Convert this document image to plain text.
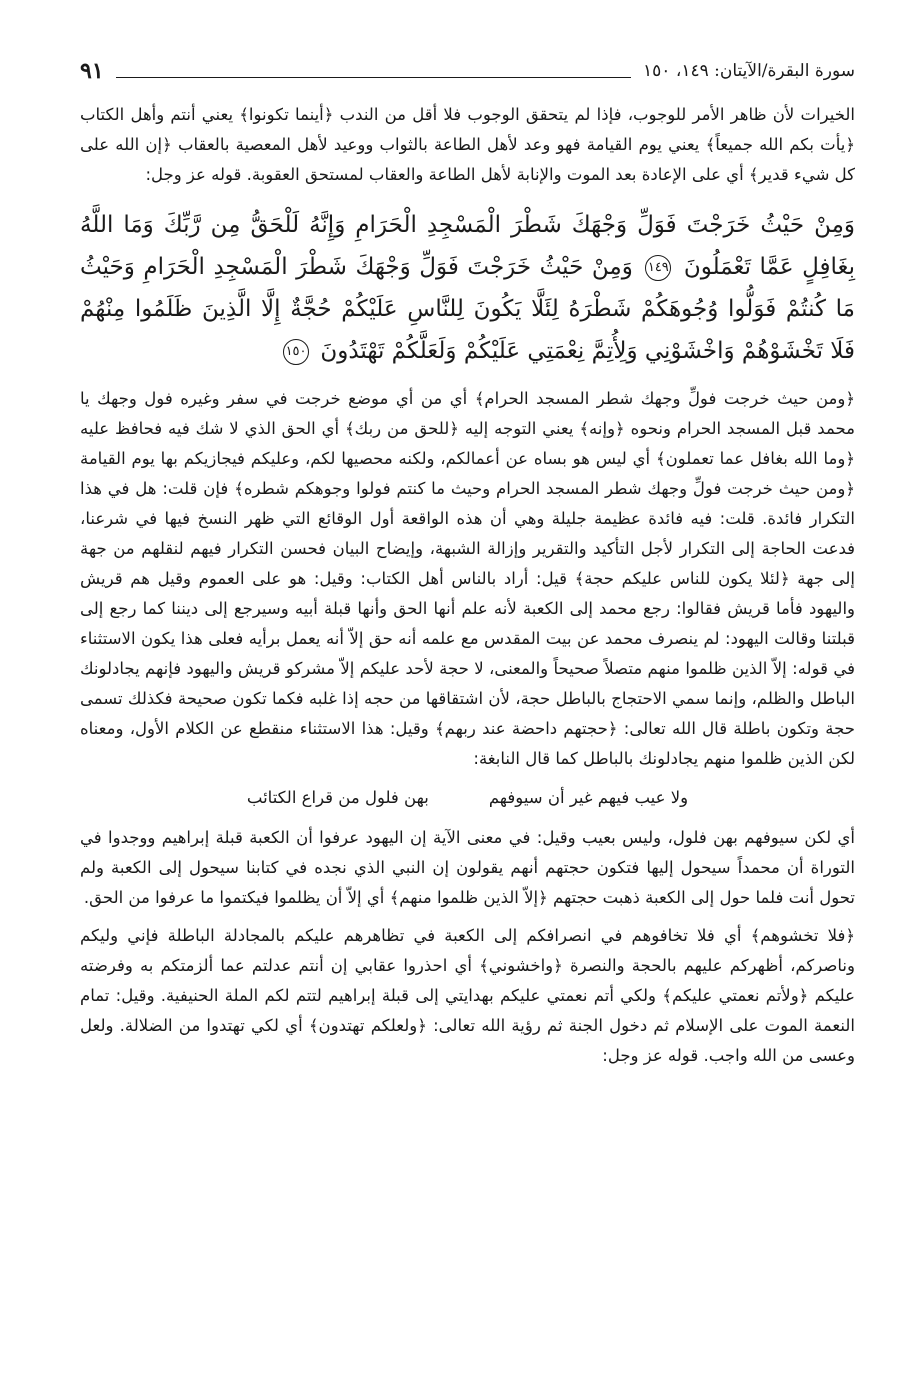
سورة البقرة/الآيتان: ١٤٩، ١٥٠
٩١

الخيرات لأن ظاهر الأمر للوجوب، فإذا لم يتحقق الوجوب فلا أقل من الندب ﴿أينما تكونوا﴾ يعني أنتم وأهل الكتاب ﴿يأت بكم الله جميعاً﴾ يعني يوم القيامة فهو وعد لأهل الطاعة بالثواب ووعيد لأهل المعصية بالعقاب ﴿إن الله على كل شيء قدير﴾ أي على الإعادة بعد الموت والإنابة لأهل الطاعة والعقاب لمستحق العقوبة. قوله عز وجل:

وَمِنْ حَيْثُ خَرَجْتَ فَوَلِّ وَجْهَكَ شَطْرَ الْمَسْجِدِ الْحَرَامِ وَإِنَّهُ لَلْحَقُّ مِن رَّبِّكَ وَمَا اللَّهُ بِغَافِلٍ عَمَّا تَعْمَلُونَ ١٤٩ وَمِنْ حَيْثُ خَرَجْتَ فَوَلِّ وَجْهَكَ شَطْرَ الْمَسْجِدِ الْحَرَامِ وَحَيْثُ مَا كُنتُمْ فَوَلُّوا وُجُوهَكُمْ شَطْرَهُ لِئَلَّا يَكُونَ لِلنَّاسِ عَلَيْكُمْ حُجَّةٌ إِلَّا الَّذِينَ ظَلَمُوا مِنْهُمْ فَلَا تَخْشَوْهُمْ وَاخْشَوْنِي وَلِأُتِمَّ نِعْمَتِي عَلَيْكُمْ وَلَعَلَّكُمْ تَهْتَدُونَ ١٥٠

﴿ومن حيث خرجت فولِّ وجهك شطر المسجد الحرام﴾ أي من أي موضع خرجت في سفر وغيره فول وجهك يا محمد قبل المسجد الحرام ونحوه ﴿وإنه﴾ يعني التوجه إليه ﴿للحق من ربك﴾ أي الحق الذي لا شك فيه فحافظ عليه ﴿وما الله بغافل عما تعملون﴾ أي ليس هو بساه عن أعمالكم، ولكنه محصيها لكم، وعليكم فيجازيكم بها يوم القيامة ﴿ومن حيث خرجت فولِّ وجهك شطر المسجد الحرام وحيث ما كنتم فولوا وجوهكم شطره﴾ فإن قلت: هل في هذا التكرار فائدة. قلت: فيه فائدة عظيمة جليلة وهي أن هذه الواقعة أول الوقائع التي ظهر النسخ فيها في شرعنا، فدعت الحاجة إلى التكرار لأجل التأكيد والتقرير وإزالة الشبهة، وإيضاح البيان فحسن التكرار فيهم لنقلهم من جهة إلى جهة ﴿لئلا يكون للناس عليكم حجة﴾ قيل: أراد بالناس أهل الكتاب: وقيل: هو على العموم وقيل هم قريش واليهود فأما قريش فقالوا: رجع محمد إلى الكعبة لأنه علم أنها الحق وأنها قبلة أبيه وسيرجع إلى ديننا كما رجع إلى قبلتنا وقالت اليهود: لم ينصرف محمد عن بيت المقدس مع علمه أنه حق إلاّ أنه يعمل برأيه فعلى هذا يكون الاستثناء في قوله: إلاّ الذين ظلموا منهم متصلاً صحيحاً والمعنى، لا حجة لأحد عليكم إلاّ مشركو قريش واليهود فإنهم يجادلونك الباطل والظلم، وإنما سمي الاحتجاج بالباطل حجة، لأن اشتقاقها من حجه إذا غلبه فكما تكون صحيحة فكذلك تسمى حجة وتكون باطلة قال الله تعالى: ﴿حجتهم داحضة عند ربهم﴾ وقيل: هذا الاستثناء منقطع عن الكلام الأول، ومعناه لكن الذين ظلموا منهم يجادلونك بالباطل كما قال النابغة:

ولا عيب فيهم غير أن سيوفهم
بهن فلول من قراع الكتائب

أي لكن سيوفهم بهن فلول، وليس بعيب وقيل: في معنى الآية إن اليهود عرفوا أن الكعبة قبلة إبراهيم ووجدوا في التوراة أن محمداً سيحول إليها فتكون حجتهم أنهم يقولون إن النبي الذي نجده في كتابنا سيحول إلى الكعبة ولم تحول أنت فلما حول إلى الكعبة ذهبت حجتهم ﴿إلاّ الذين ظلموا منهم﴾ أي إلاّ أن يظلموا فيكتموا ما عرفوا من الحق.

﴿فلا تخشوهم﴾ أي فلا تخافوهم في انصرافكم إلى الكعبة في تظاهرهم عليكم بالمجادلة الباطلة فإني وليكم وناصركم، أظهركم عليهم بالحجة والنصرة ﴿واخشوني﴾ أي احذروا عقابي إن أنتم عدلتم عما ألزمتكم به وفرضته عليكم ﴿ولأتم نعمتي عليكم﴾ ولكي أتم نعمتي عليكم بهدايتي إلى قبلة إبراهيم لتتم لكم الملة الحنيفية. وقيل: تمام النعمة الموت على الإسلام ثم دخول الجنة ثم رؤية الله تعالى: ﴿ولعلكم تهتدون﴾ أي لكي تهتدوا من الضلالة. ولعل وعسى من الله واجب. قوله عز وجل:
